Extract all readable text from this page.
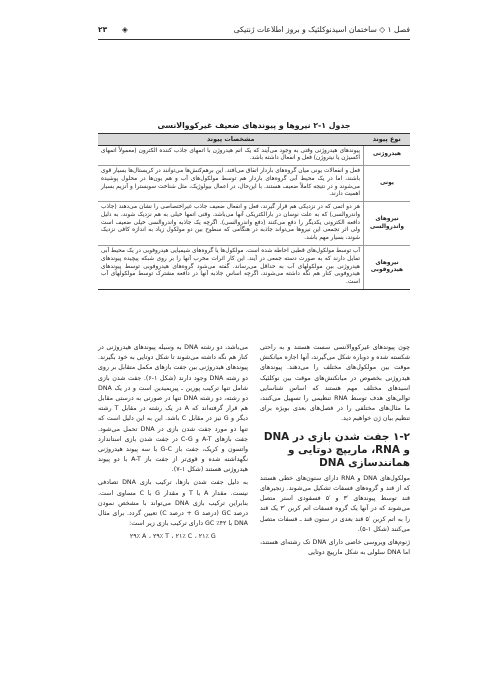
۲۳ ◈	فصل ۱ ◇ ساختمان اسیدنوکلئیک و بروز اطلاعات ژنتیکی
جدول ۱-۲ نیروها و پیوندهای ضعیف غیرکووالانسی
نوع پیوند	مشخصات پیوند
هیدروژنی	پیوندهای هیدروژنی وقتی به وجود می‌آیند که یک اتم هیدروژن با اتمهای جاذب کننده الکترون (معمولاً اتمهای اکسیژن یا نیتروژن) فعل و انفعال داشته باشد.
یونی	فعل و انفعالات یونی میان گروه‌های باردار اتفاق می‌افتد. این برهم‌کنش‌ها می‌توانند در کریستال‌ها بسیار قوی باشند، اما در یک محیط آبی گروه‌های باردار هم توسط مولکول‌های آب و هم یون‌ها در محلول پوشیده می‌شوند و در نتیجه کاملاً ضعیف هستند. با این‌حال، در اعمال بیولوژیک، مثل شناخت سوبسترا و آنزیم بسیار اهمیت دارند.
نیروهای واندروالسی	هر دو اتمی که در نزدیکی هم قرار گیرند، فعل و انفعال ضعیف جاذب غیراختصاصی را نشان می‌دهند (جاذب واندروالسی) که به علت نوسان در بارالکتریکی آنها می‌باشد. وقتی اتمها خیلی به هم نزدیک شوند، به دلیل دافعه الکترونی یکدیگر را دفع می‌کنند (دفع واندروالسی). اگرچه یک جاذبه واندروالسی خیلی ضعیف است ولی اثر تجمعی این نیروها می‌تواند جاذبه در هنگامی که سطوح بین دو مولکول زیاد به اندازه کافی نزدیک شوند، بسیار مهم باشد.
نیروهای هیدروفوبی	آب توسط مولکول‌های قطبی احاطه شده است. مولکول‌ها یا گروه‌های شیمیایی هیدروفوبی در یک محیط آبی تمایل دارند که به صورت دسته جمعی در آیند. این کار اثرات مخرب آنها را بر روی شبکه پیچیده پیوندهای هیدروژنی بین مولکولهای آب به حداقل می‌رساند. گفته می‌شود گروه‌های هیدروفوبی توسط پیوندهای هیدروفوبی کنار هم نگه داشته می‌شوند، اگرچه اساس جاذبه آنها در دافعه مشترک توسط مولکولهای آب است.

چون پیوندهای غیرکووالانسی سست هستند و به راحتی شکسته شده و دوباره شکل می‌گیرند، آنها اجازه میانکنش موقت بین مولکول‌های مختلف را می‌دهند. پیوندهای هیدروژنی بخصوص در میانکنش‌های موقت بین نوکلئیک اسیدهای مختلف مهم هستند که اساس شناسایی توالی‌های هدف توسط RNA تنظیمی را تسهیل می‌کنند، ما مثال‌های مختلفی را در فصل‌های بعدی بویژه برای تنظیم بیان ژن خواهیم دید.

۱-۲ جفت شدن بازی در DNA و RNA، ماریپچ دوتایی و همانندسازی DNA

مولکول‌های DNA و RNA دارای ستون‌های خطی هستند که از قند و گروه‌های فسفات تشکیل می‌شوند. زنجیرهای قند توسط پیوندهای ′۳ و ′۵ فسفودی استر متصل می‌شوند که در آنها یک گروه فسفات اتم کربن ′۳ یک قند را به اتم کربن ′۵ قند بعدی در ستون قند ـ فسفات متصل می‌کنند (شکل ۱-۵).

ژنوم‌های ویروسی خاصی دارای DNA تک رشته‌ای هستند، اما DNA سلولی به شکل مارپیچ دوتایی

می‌باشد، دو رشته DNA به وسیله پیوندهای هیدروژنی در کنار هم نگه داشته می‌شوند تا شکل دوتایی به خود بگیرند. پیوندهای هیدروژنی بین جفت بازهای مکمل متقابل بر روی دو رشته DNA وجود دارند (شکل ۱-۶). جفت شدن بازی شامل تنها ترکیب پورین ـ پیریمیدین است و در یک DNA دو رشته، دو رشته DNA تنها در صورتی به درستی مقابل هم قرار گرفته‌اند که A در یک رشته در مقابل T رشته دیگر و G نیز در مقابل C باشد. این به این دلیل است که تنها دو مورد جفت شدن بازی در DNA تحمل می‌شود. جفت بازهای A-T و C-G در جفت شدن بازی استاندارد واتسون و کریک، جفت باز G-C با سه پیوند هیدروژنی نگهداشته شده و قوی‌تر از جفت باز A-T با دو پیوند هیدروژنی هستند (شکل ۱-۷).

به دلیل جفت شدن بازها، ترکیب بازی DNA تصادفی نیست. مقدار A با T و مقدار G با C مساوی است. بنابراین ترکیب بازی DNA می‌تواند با مشخص نمودن درصد GC (درصد G + درصد C) تعیین گردد. برای مثال DNA با ۴۲٪ GC دارای ترکیب بازی زیر است:

۲۹٪ A ، ۲۹٪ T ، ۲۱٪ C ، ۲۱٪ G
